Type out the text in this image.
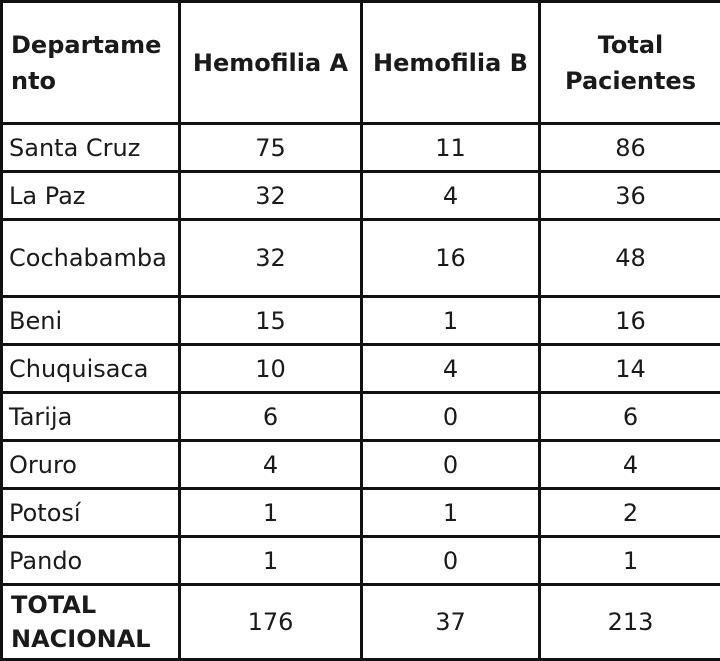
Departame nto	Hemofilia A	Hemofilia B	Total Pacientes
Santa Cruz	75	11	86
La Paz	32	4	36
Cochabamba	32	16	48
Beni	15	1	16
Chuquisaca	10	4	14
Tarija	6	0	6
Oruro	4	0	4
Potosí	1	1	2
Pando	1	0	1
TOTAL NACIONAL	176	37	213
